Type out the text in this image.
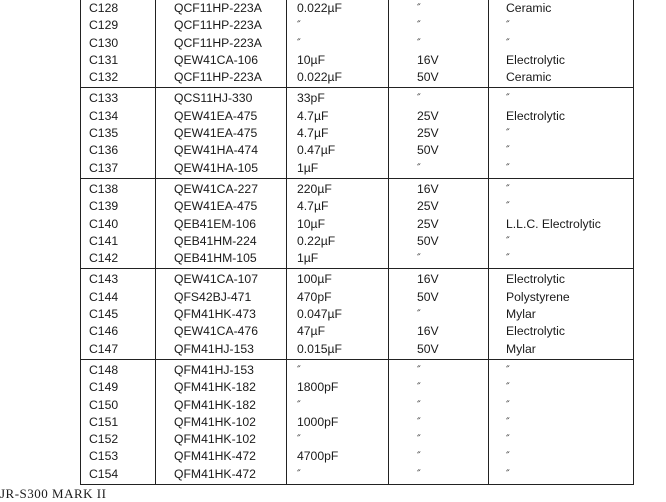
C128	QCF11HP-223A	0.022µF	″	Ceramic
C129	QCF11HP-223A	″	″	″
C130	QCF11HP-223A	″	″	″
C131	QEW41CA-106	10µF	16V	Electrolytic
C132	QCF11HP-223A	0.022µF	50V	Ceramic
C133	QCS11HJ-330	33pF	″	″
C134	QEW41EA-475	4.7µF	25V	Electrolytic
C135	QEW41EA-475	4.7µF	25V	″
C136	QEW41HA-474	0.47µF	50V	″
C137	QEW41HA-105	1µF	″	″
C138	QEW41CA-227	220µF	16V	″
C139	QEW41EA-475	4.7µF	25V	″
C140	QEB41EM-106	10µF	25V	L.L.C. Electrolytic
C141	QEB41HM-224	0.22µF	50V	″
C142	QEB41HM-105	1µF	″	″
C143	QEW41CA-107	100µF	16V	Electrolytic
C144	QFS42BJ-471	470pF	50V	Polystyrene
C145	QFM41HK-473	0.047µF	″	Mylar
C146	QEW41CA-476	47µF	16V	Electrolytic
C147	QFM41HJ-153	0.015µF	50V	Mylar
C148	QFM41HJ-153	″	″	″
C149	QFM41HK-182	1800pF	″	″
C150	QFM41HK-182	″	″	″
C151	QFM41HK-102	1000pF	″	″
C152	QFM41HK-102	″	″	″
C153	QFM41HK-472	4700pF	″	″
C154	QFM41HK-472	″	″	″
JR-S300 MARK II
